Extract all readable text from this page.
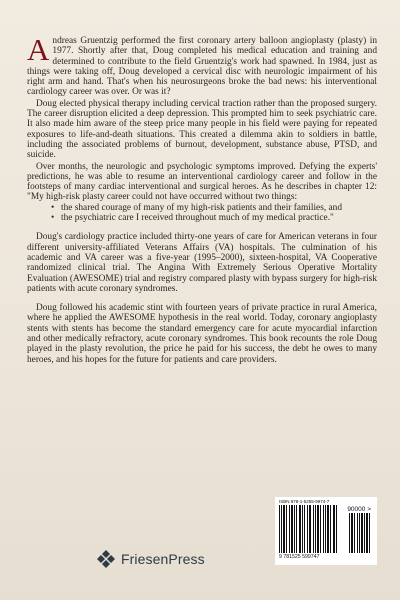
Andreas Gruentzig performed the first coronary artery balloon angioplasty (plasty) in 1977. Shortly after that, Doug completed his medical education and training and determined to contribute to the field Gruentzig's work had spawned. In 1984, just as things were taking off, Doug developed a cervical disc with neurologic impairment of his right arm and hand. That's when his neurosurgeons broke the bad news: his interventional cardiology career was over. Or was it?

Doug elected physical therapy including cervical traction rather than the proposed surgery. The career disruption elicited a deep depression. This prompted him to seek psychiatric care. It also made him aware of the steep price many people in his field were paying for repeated exposures to life-and-death situations. This created a dilemma akin to soldiers in battle, including the associated problems of burnout, development, substance abuse, PTSD, and suicide.

Over months, the neurologic and psychologic symptoms improved. Defying the experts' predictions, he was able to resume an interventional cardiology career and follow in the footsteps of many cardiac interventional and surgical heroes. As he describes in chapter 12: "My high-risk plasty career could not have occurred without two things:

• the shared courage of many of my high-risk patients and their families, and
• the psychiatric care I received throughout much of my medical practice."

Doug's cardiology practice included thirty-one years of care for American veterans in four different university-affiliated Veterans Affairs (VA) hospitals. The culmination of his academic and VA career was a five-year (1995–2000), sixteen-hospital, VA Cooperative randomized clinical trial. The Angina With Extremely Serious Operative Mortality Evaluation (AWESOME) trial and registry compared plasty with bypass surgery for high-risk patients with acute coronary syndromes.

Doug followed his academic stint with fourteen years of private practice in rural America, where he applied the AWESOME hypothesis in the real world. Today, coronary angioplasty stents with stents has become the standard emergency care for acute myocardial infarction and other medically refractory, acute coronary syndromes. This book recounts the role Doug played in the plasty revolution, the price he paid for his success, the debt he owes to many heroes, and his hopes for the future for patients and care providers.

ISBN 978-1-5255-9974-7
90000 >
9 781525 599747
FriesenPress
